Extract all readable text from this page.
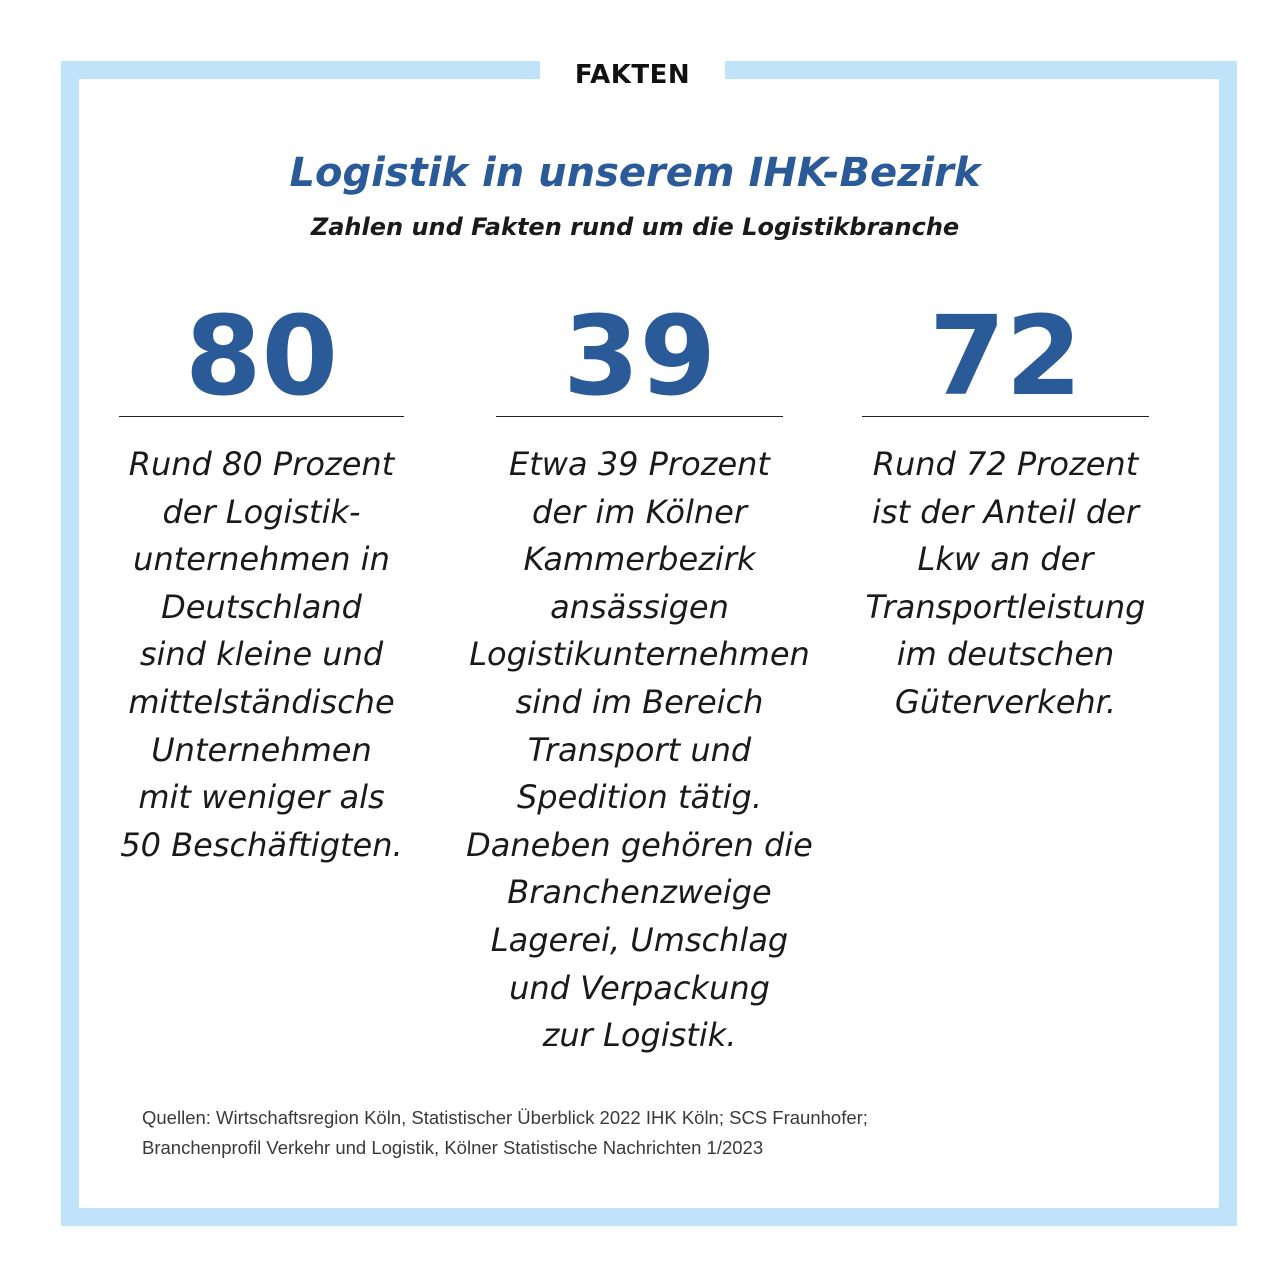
FAKTEN
Logistik in unserem IHK-Bezirk
Zahlen und Fakten rund um die Logistikbranche
80
Rund 80 Prozent
der Logistik-
unternehmen in
Deutschland
sind kleine und
mittelständische
Unternehmen
mit weniger als
50 Beschäftigten.
39
Etwa 39 Prozent
der im Kölner
Kammerbezirk
ansässigen
Logistikunternehmen
sind im Bereich
Transport und
Spedition tätig.
Daneben gehören die
Branchenzweige
Lagerei, Umschlag
und Verpackung
zur Logistik.
72
Rund 72 Prozent
ist der Anteil der
Lkw an der
Transportleistung
im deutschen
Güterverkehr.
Quellen: Wirtschaftsregion Köln, Statistischer Überblick 2022 IHK Köln; SCS Fraunhofer;
Branchenprofil Verkehr und Logistik, Kölner Statistische Nachrichten 1/2023
